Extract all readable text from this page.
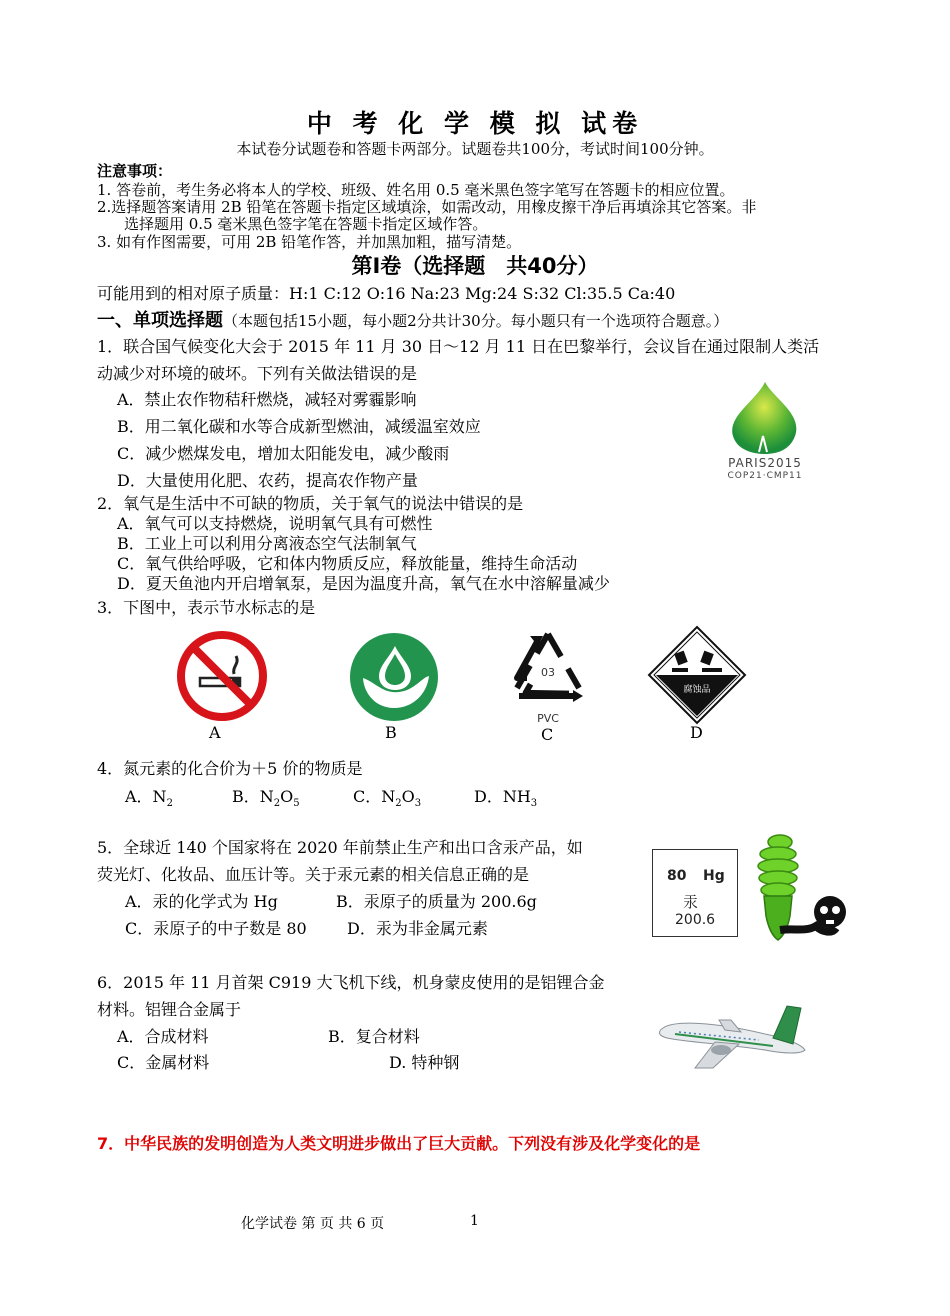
中 考 化 学 模 拟 试卷
本试卷分试题卷和答题卡两部分。试题卷共100分，考试时间100分钟。
注意事项：
1. 答卷前，考生务必将本人的学校、班级、姓名用 0.5 毫米黑色签字笔写在答题卡的相应位置。
2.选择题答案请用 2B 铅笔在答题卡指定区域填涂，如需改动，用橡皮擦干净后再填涂其它答案。非
选择题用 0.5 毫米黑色签字笔在答题卡指定区域作答。
3. 如有作图需要，可用 2B 铅笔作答，并加黑加粗，描写清楚。
第Ⅰ卷（选择题　共40分）
可能用到的相对原子质量：H:1 C:12 O:16 Na:23 Mg:24 S:32 Cl:35.5 Ca:40
一、单项选择题（本题包括15小题，每小题2分共计30分。每小题只有一个选项符合题意。）
1．联合国气候变化大会于 2015 年 11 月 30 日～12 月 11 日在巴黎举行，会议旨在通过限制人类活
动减少对环境的破坏。下列有关做法错误的是
A．禁止农作物秸秆燃烧，减轻对雾霾影响
B．用二氧化碳和水等合成新型燃油，减缓温室效应
C．减少燃煤发电，增加太阳能发电，减少酸雨
D．大量使用化肥、农药，提高农作物产量
PARIS2015
COP21·CMP11
2．氧气是生活中不可缺的物质，关于氧气的说法中错误的是
A．氧气可以支持燃烧，说明氧气具有可燃性
B．工业上可以利用分离液态空气法制氧气
C．氧气供给呼吸，它和体内物质反应，释放能量，维持生命活动
D．夏天鱼池内开启增氧泵，是因为温度升高，氧气在水中溶解量减少
3．下图中，表示节水标志的是
A	B
03
PVC
C
腐蚀品
D
4．氮元素的化合价为＋5 价的物质是
A．$N_2$	B．$N_2O_5$	C．$N_2O_3$	D．$NH_3$
5．全球近 140 个国家将在 2020 年前禁止生产和出口含汞产品，如
荧光灯、化妆品、血压计等。关于汞元素的相关信息正确的是
A．汞的化学式为 Hg	B．汞原子的质量为 200.6g
C．汞原子的中子数是 80	D．汞为非金属元素
80 Hg
汞
200.6
6．2015 年 11 月首架 C919 大飞机下线，机身蒙皮使用的是铝锂合金
材料。铝锂合金属于
A．合成材料	B．复合材料
C．金属材料	D. 特种钢
7．中华民族的发明创造为人类文明进步做出了巨大贡献。下列没有涉及化学变化的是
化学试卷 第 页 共 6 页	1
